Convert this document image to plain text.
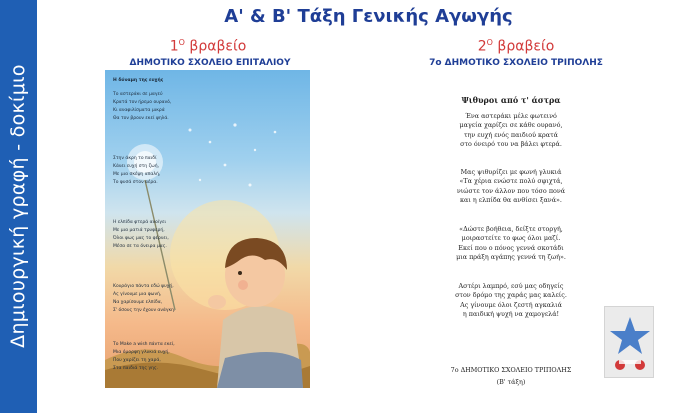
Δημιουργική γραφή - δοκίμιο
Α' & Β' Τάξη Γενικής Αγωγής
$1^O$ βραβείο
ΔΗΜΟΤΙΚΟ ΣΧΟΛΕΙΟ ΕΠΙΤΑΛΙΟΥ
$2^O$ βραβείο
7ο ΔΗΜΟΤΙΚΟ ΣΧΟΛΕΙΟ ΤΡΙΠΟΛΗΣ
Η δύναμη της ευχής
Το αστεράκι σε μαγεύ
Κρατά τον ήρεμο ουρανό,
Κι αναφιλίσματα μικρά
Θα τον βρουν εκεί ψηλά.
Στην άκρη το παιδί
Κάνει ευχή στη ζωή,
Με μια σκέψη απαλή,
Το φυσά στον αέρα.
Η ελπίδα φτερά ανοίγει
Με μια ματιά τρυφερή,
Όλοι φως μας το φέρνει,
Μέσα σε τα όνειρα μας.
Κουράγιο πάντα εδώ ψυχή,
Ας γίνουμε μια φωνή,
Να χαρίσουμε ελπίδα,
Σ' όσους την έχουν ανάγκη.
Το Make a wish πάντα εκεί,
Μια όμορφη γλυκιά ευχή,
Που χαρίζει τη χαρά,
Στα παιδιά της γης.
Ψιθυροι από τ' άστρα

Ένα αστεράκι μέλε φωτεινό

μαγεία χαρίζει σε κάθε ουρανό,

την ευχή ενός παιδιού κρατά

στο όνειρό του να βάλει φτερά.

Μας ψιθυρίζει με φωνή γλυκιά

«Τα χέρια ενώστε πολύ σφιχτά,

νιώστε τον άλλον που τόσο πονά

και η ελπίδα θα ανθίσει ξανά».

«Δώστε βοήθεια, δείξτε στοργή,

μοιραστείτε το φως όλοι μαζί.

Εκεί που ο πόνος γεννά σκοτάδι

μια πράξη αγάπης γεννά τη ζωή».

Αστέρι λαμπρό, εσύ μας οδηγείς

στον δρόμο της χαράς μας καλείς.

Ας γίνουμε όλοι ζεστή αγκαλιά

η παιδική ψυχή να χαμογελά!

7ο ΔΗΜΟΤΙΚΟ ΣΧΟΛΕΙΟ ΤΡΙΠΟΛΗΣ
(Β' τάξη)
